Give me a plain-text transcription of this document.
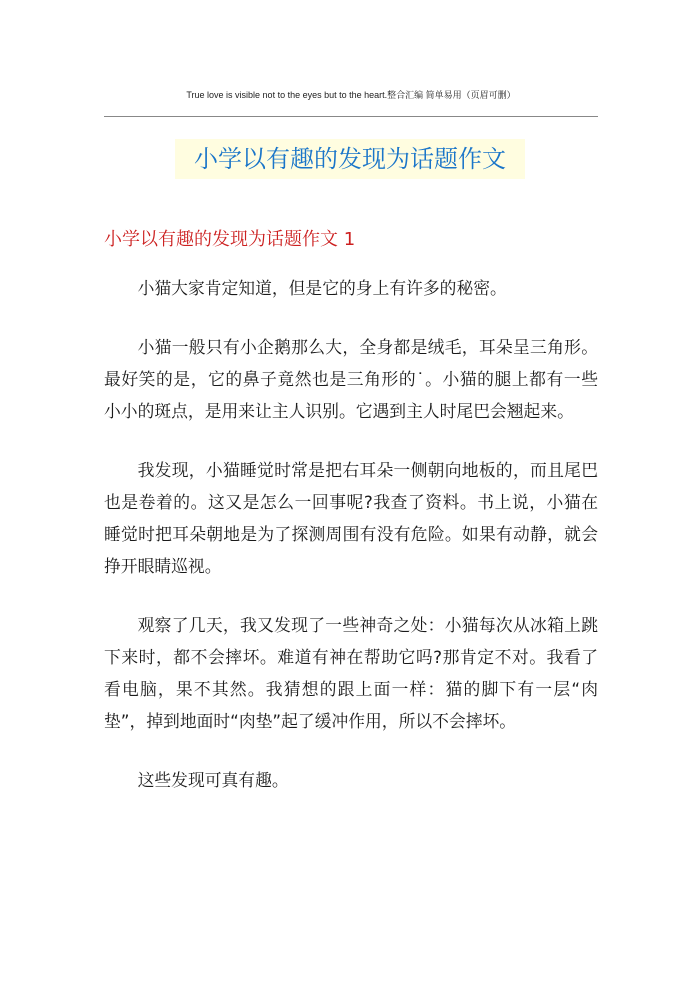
True love is visible not to the eyes but to the heart.整合汇编 简单易用（页眉可删）
小学以有趣的发现为话题作文
小学以有趣的发现为话题作文 1

小猫大家肯定知道，但是它的身上有许多的秘密。

小猫一般只有小企鹅那么大，全身都是绒毛，耳朵呈三角形。最好笑的是，它的鼻子竟然也是三角形的˙。小猫的腿上都有一些小小的斑点，是用来让主人识别。它遇到主人时尾巴会翘起来。

我发现，小猫睡觉时常是把右耳朵一侧朝向地板的，而且尾巴也是卷着的。这又是怎么一回事呢?我查了资料。书上说，小猫在睡觉时把耳朵朝地是为了探测周围有没有危险。如果有动静，就会挣开眼睛巡视。

观察了几天，我又发现了一些神奇之处：小猫每次从冰箱上跳下来时，都不会摔坏。难道有神在帮助它吗?那肯定不对。我看了看电脑，果不其然。我猜想的跟上面一样：猫的脚下有一层“肉垫”，掉到地面时“肉垫”起了缓冲作用，所以不会摔坏。

这些发现可真有趣。
